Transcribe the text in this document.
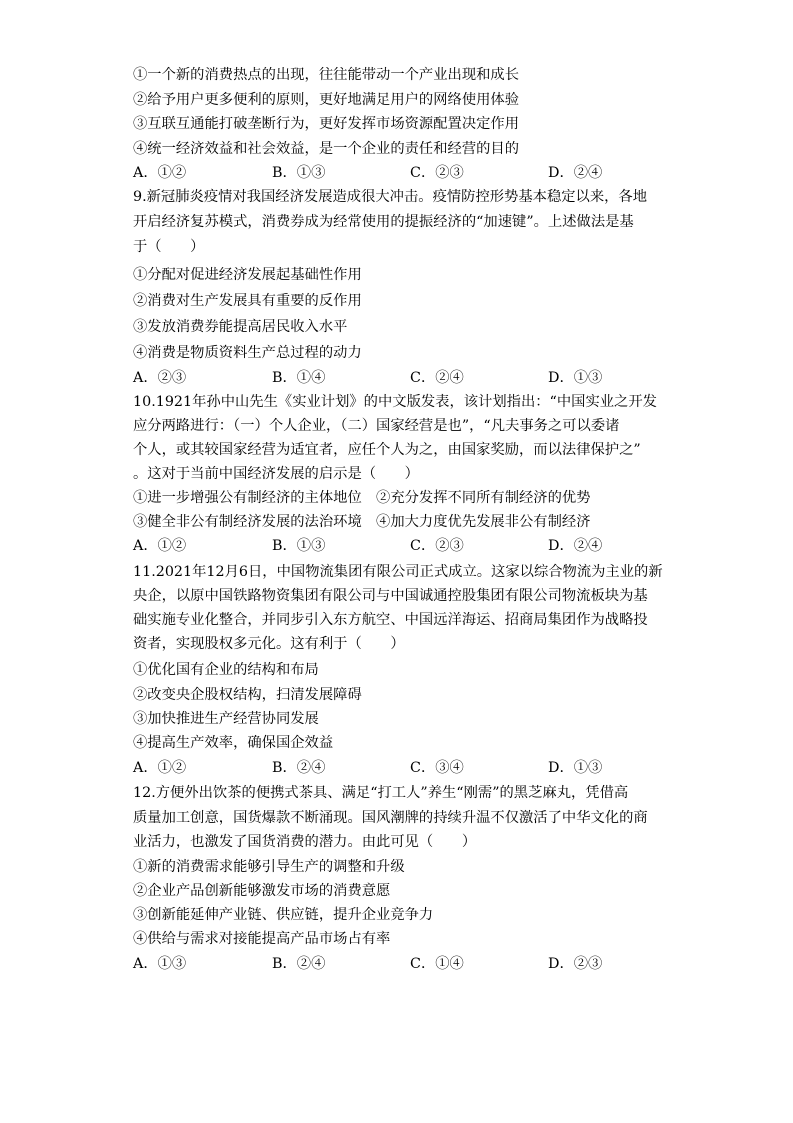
①一个新的消费热点的出现，往往能带动一个产业出现和成长
②给予用户更多便利的原则，更好地满足用户的网络使用体验
③互联互通能打破垄断行为，更好发挥市场资源配置决定作用
④统一经济效益和社会效益，是一个企业的责任和经营的目的
A．①②	B．①③	C．②③	D．②④
9.新冠肺炎疫情对我国经济发展造成很大冲击。疫情防控形势基本稳定以来，各地
开启经济复苏模式，消费券成为经常使用的提振经济的“加速键”。上述做法是基
于（　　）
①分配对促进经济发展起基础性作用
②消费对生产发展具有重要的反作用
③发放消费券能提高居民收入水平
④消费是物质资料生产总过程的动力
A．②③	B．①④	C．②④	D．①③
10.1921年孙中山先生《实业计划》的中文版发表，该计划指出：“中国实业之开发
应分两路进行：（一）个人企业，（二）国家经营是也”，“凡夫事务之可以委诸
个人，或其较国家经营为适宜者，应任个人为之，由国家奖励，而以法律保护之”
。这对于当前中国经济发展的启示是（　　）
①进一步增强公有制经济的主体地位　②充分发挥不同所有制经济的优势
③健全非公有制经济发展的法治环境　④加大力度优先发展非公有制经济
A．①②	B．①③	C．②③	D．②④
11.2021年12月6日，中国物流集团有限公司正式成立。这家以综合物流为主业的新
央企，以原中国铁路物资集团有限公司与中国诚通控股集团有限公司物流板块为基
础实施专业化整合，并同步引入东方航空、中国远洋海运、招商局集团作为战略投
资者，实现股权多元化。这有利于（　　）
①优化国有企业的结构和布局
②改变央企股权结构，扫清发展障碍
③加快推进生产经营协同发展
④提高生产效率，确保国企效益
A．①②	B．②④	C．③④	D．①③
12.方便外出饮茶的便携式茶具、满足“打工人”养生“刚需”的黑芝麻丸，凭借高
质量加工创意，国货爆款不断涌现。国风潮牌的持续升温不仅激活了中华文化的商
业活力，也激发了国货消费的潜力。由此可见（　　）
①新的消费需求能够引导生产的调整和升级
②企业产品创新能够激发市场的消费意愿
③创新能延伸产业链、供应链，提升企业竞争力
④供给与需求对接能提高产品市场占有率
A．①③	B．②④	C．①④	D．②③
